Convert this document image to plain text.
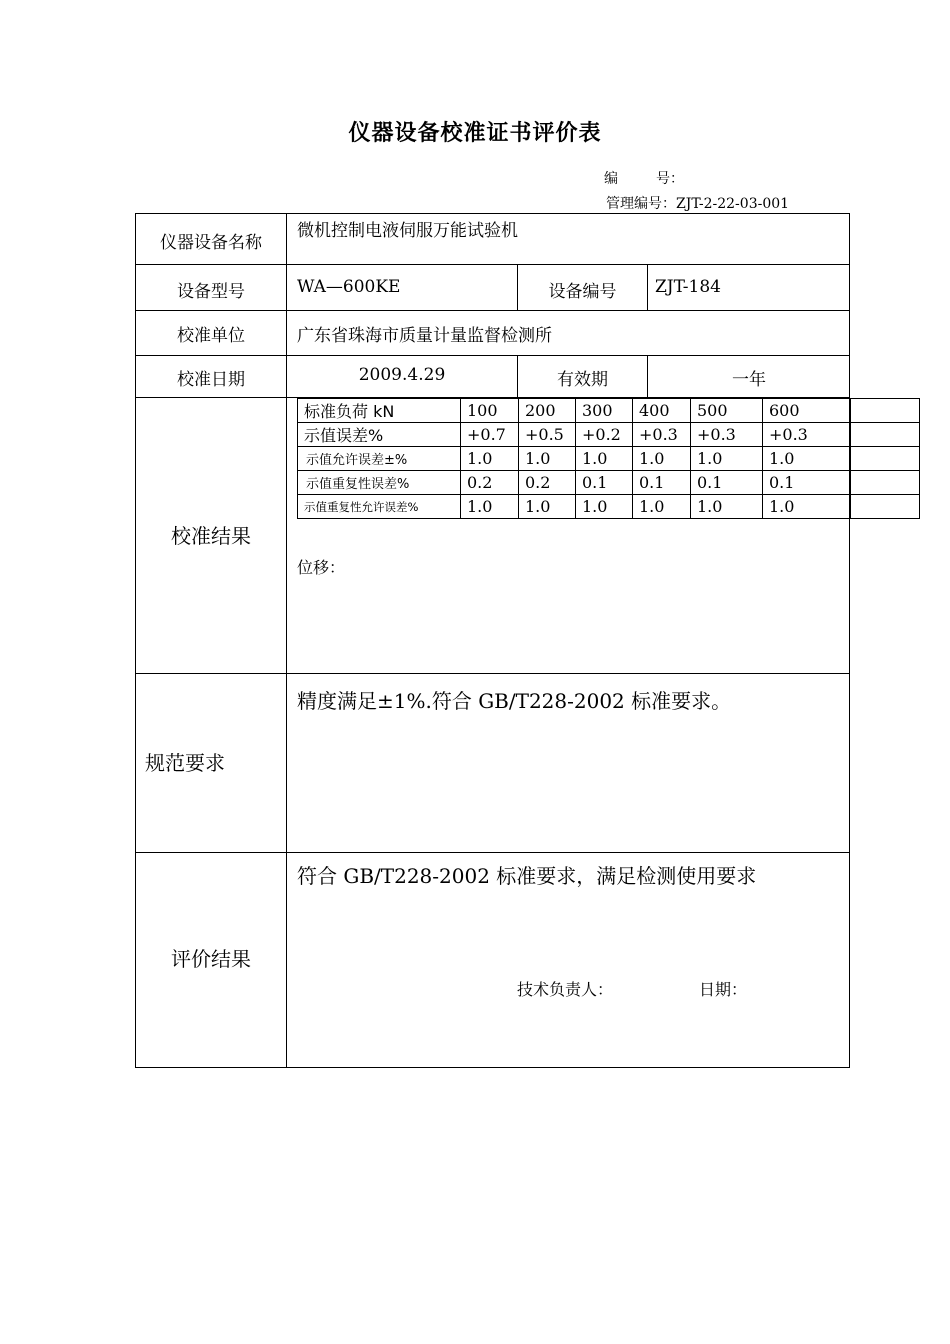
仪器设备校准证书评价表
编	号：
管理编号：ZJT-2-22-03-001
仪器设备名称
微机控制电液伺服万能试验机
设备型号	WA—600KE	设备编号	ZJT-184
校准单位	广东省珠海市质量计量监督检测所
校准日期	2009.4.29	有效期	一年
校准结果
标准负荷 kN	100	200	300	400	500	600	
示值误差%	+0.7	+0.5	+0.2	+0.3	+0.3	+0.3	
示值允许误差±%	1.0	1.0	1.0	1.0	1.0	1.0	
示值重复性误差%	0.2	0.2	0.1	0.1	0.1	0.1	
示值重复性允许误差%	1.0	1.0	1.0	1.0	1.0	1.0	
位移：
规范要求
精度满足±1%.符合 GB/T228-2002 标准要求。
评价结果
符合 GB/T228-2002 标准要求，满足检测使用要求
技术负责人：	日期：
